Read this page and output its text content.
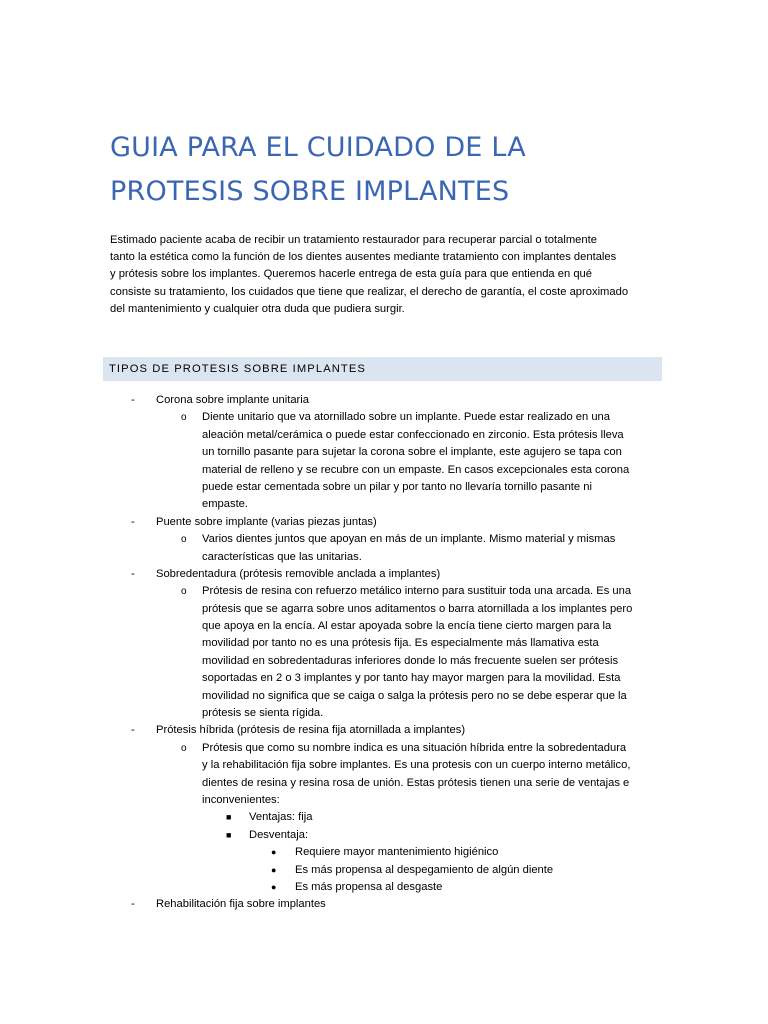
GUIA PARA EL CUIDADO DE LA
PROTESIS SOBRE IMPLANTES
Estimado paciente acaba de recibir un tratamiento restaurador para recuperar parcial o totalmente
tanto la estética como la función de los dientes ausentes mediante tratamiento con implantes dentales
y prótesis sobre los implantes. Queremos hacerle entrega de esta guía para que entienda en qué
consiste su tratamiento, los cuidados que tiene que realizar, el derecho de garantía, el coste aproximado
del mantenimiento y cualquier otra duda que pudiera surgir.
TIPOS DE PROTESIS SOBRE IMPLANTES
- Corona sobre implante unitaria
o Diente unitario que va atornillado sobre un implante. Puede estar realizado en una
aleación metal/cerámica o puede estar confeccionado en zirconio. Esta prótesis lleva
un tornillo pasante para sujetar la corona sobre el implante, este agujero se tapa con
material de relleno y se recubre con un empaste. En casos excepcionales esta corona
puede estar cementada sobre un pilar y por tanto no llevaría tornillo pasante ni
empaste.
- Puente sobre implante (varias piezas juntas)
o Varios dientes juntos que apoyan en más de un implante. Mismo material y mismas
características que las unitarias.
- Sobredentadura (prótesis removible anclada a implantes)
o Prótesis de resina con refuerzo metálico interno para sustituir toda una arcada. Es una
prótesis que se agarra sobre unos aditamentos o barra atornillada a los implantes pero
que apoya en la encía. Al estar apoyada sobre la encía tiene cierto margen para la
movilidad por tanto no es una prótesis fija. Es especialmente más llamativa esta
movilidad en sobredentaduras inferiores donde lo más frecuente suelen ser prótesis
soportadas en 2 o 3 implantes y por tanto hay mayor margen para la movilidad. Esta
movilidad no significa que se caiga o salga la prótesis pero no se debe esperar que la
prótesis se sienta rígida.
- Prótesis híbrida (prótesis de resina fija atornillada a implantes)
o Prótesis que como su nombre indica es una situación híbrida entre la sobredentadura
y la rehabilitación fija sobre implantes. Es una protesis con un cuerpo interno metálico,
dientes de resina y resina rosa de unión. Estas prótesis tienen una serie de ventajas e
inconvenientes:
■ Ventajas: fija
■ Desventaja:
● Requiere mayor mantenimiento higiénico
● Es más propensa al despegamiento de algún diente
● Es más propensa al desgaste
- Rehabilitación fija sobre implantes
